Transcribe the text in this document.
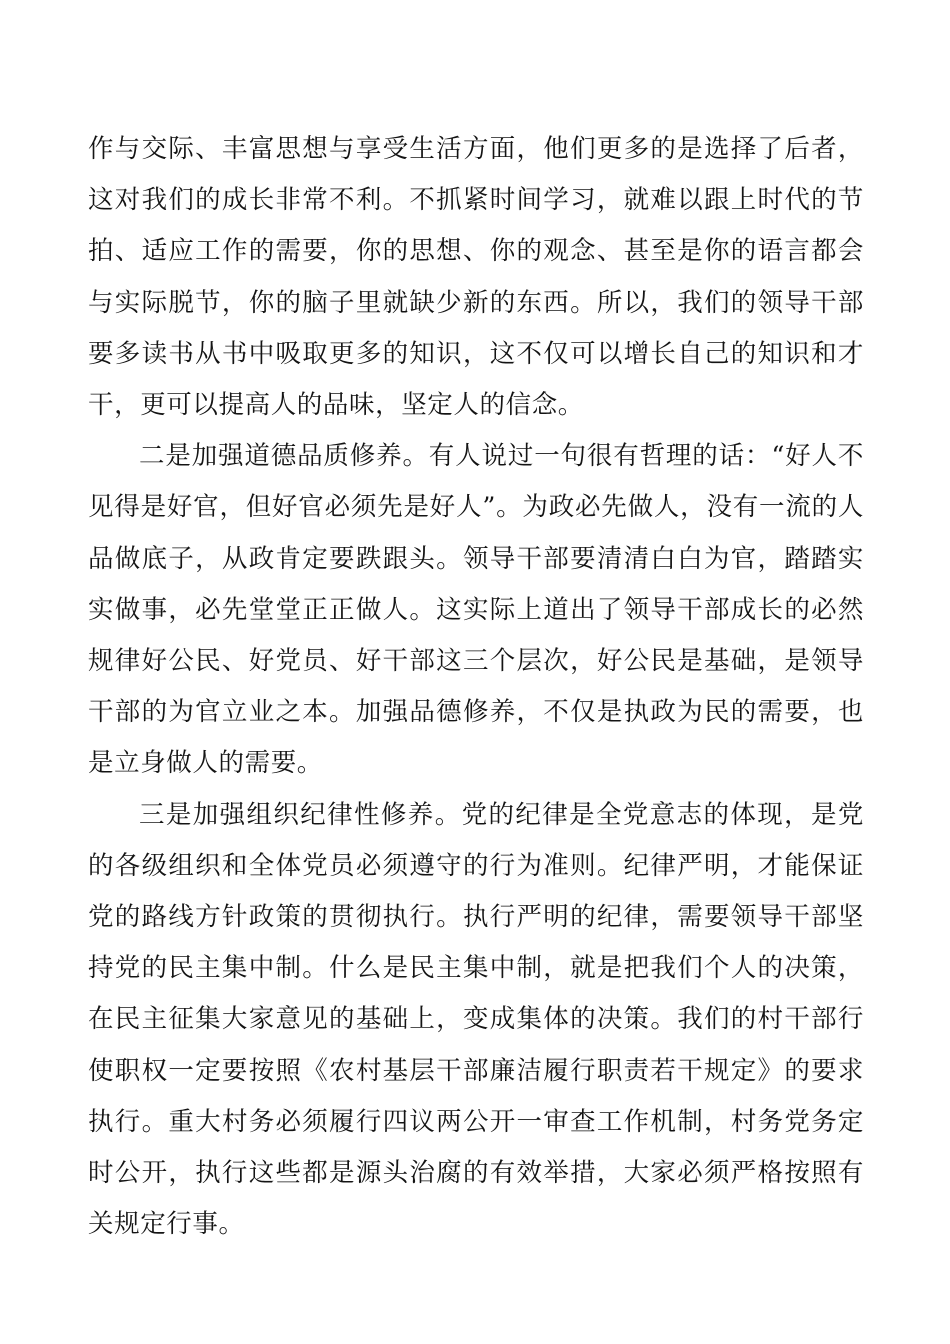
作与交际、丰富思想与享受生活方面，他们更多的是选择了后者，这对我们的成长非常不利。不抓紧时间学习，就难以跟上时代的节拍、适应工作的需要，你的思想、你的观念、甚至是你的语言都会与实际脱节，你的脑子里就缺少新的东西。所以，我们的领导干部要多读书从书中吸取更多的知识，这不仅可以增长自己的知识和才干，更可以提高人的品味，坚定人的信念。

二是加强道德品质修养。有人说过一句很有哲理的话：“好人不见得是好官，但好官必须先是好人”。为政必先做人，没有一流的人品做底子，从政肯定要跌跟头。领导干部要清清白白为官，踏踏实实做事，必先堂堂正正做人。这实际上道出了领导干部成长的必然规律好公民、好党员、好干部这三个层次，好公民是基础，是领导干部的为官立业之本。加强品德修养，不仅是执政为民的需要，也是立身做人的需要。

三是加强组织纪律性修养。党的纪律是全党意志的体现，是党的各级组织和全体党员必须遵守的行为准则。纪律严明，才能保证党的路线方针政策的贯彻执行。执行严明的纪律，需要领导干部坚持党的民主集中制。什么是民主集中制，就是把我们个人的决策，在民主征集大家意见的基础上，变成集体的决策。我们的村干部行使职权一定要按照《农村基层干部廉洁履行职责若干规定》的要求执行。重大村务必须履行四议两公开一审查工作机制，村务党务定时公开，执行这些都是源头治腐的有效举措，大家必须严格按照有关规定行事。
